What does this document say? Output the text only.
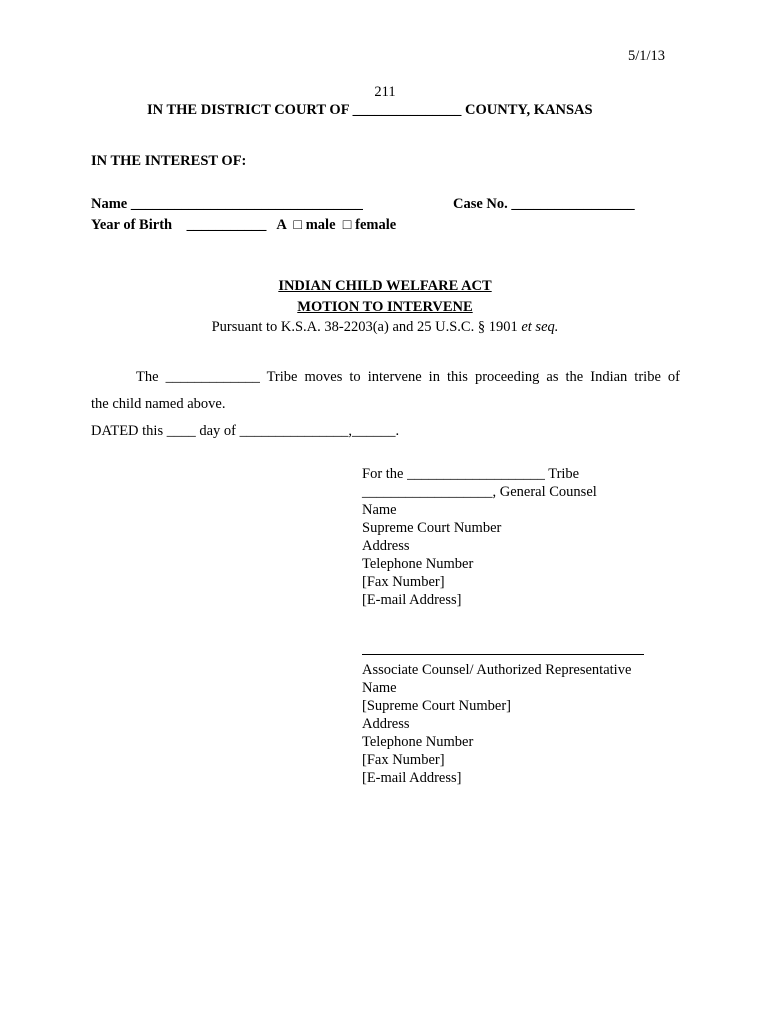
5/1/13
211
IN THE DISTRICT COURT OF _______________ COUNTY, KANSAS
IN THE INTEREST OF:
Name ________________________________	Case No. _________________
Year of Birth    ___________   A  □ male  □ female
INDIAN CHILD WELFARE ACT
MOTION TO INTERVENE
Pursuant to K.S.A. 38-2203(a) and 25 U.S.C. § 1901 et seq.
The _____________ Tribe moves to intervene in this proceeding as the Indian tribe of
the child named above.
DATED this ____ day of _______________,______.
For the ___________________ Tribe
__________________, General Counsel
Name
Supreme Court Number
Address
Telephone Number
[Fax Number]
[E-mail Address]
Associate Counsel/ Authorized Representative
Name
[Supreme Court Number]
Address
Telephone Number
[Fax Number]
[E-mail Address]
